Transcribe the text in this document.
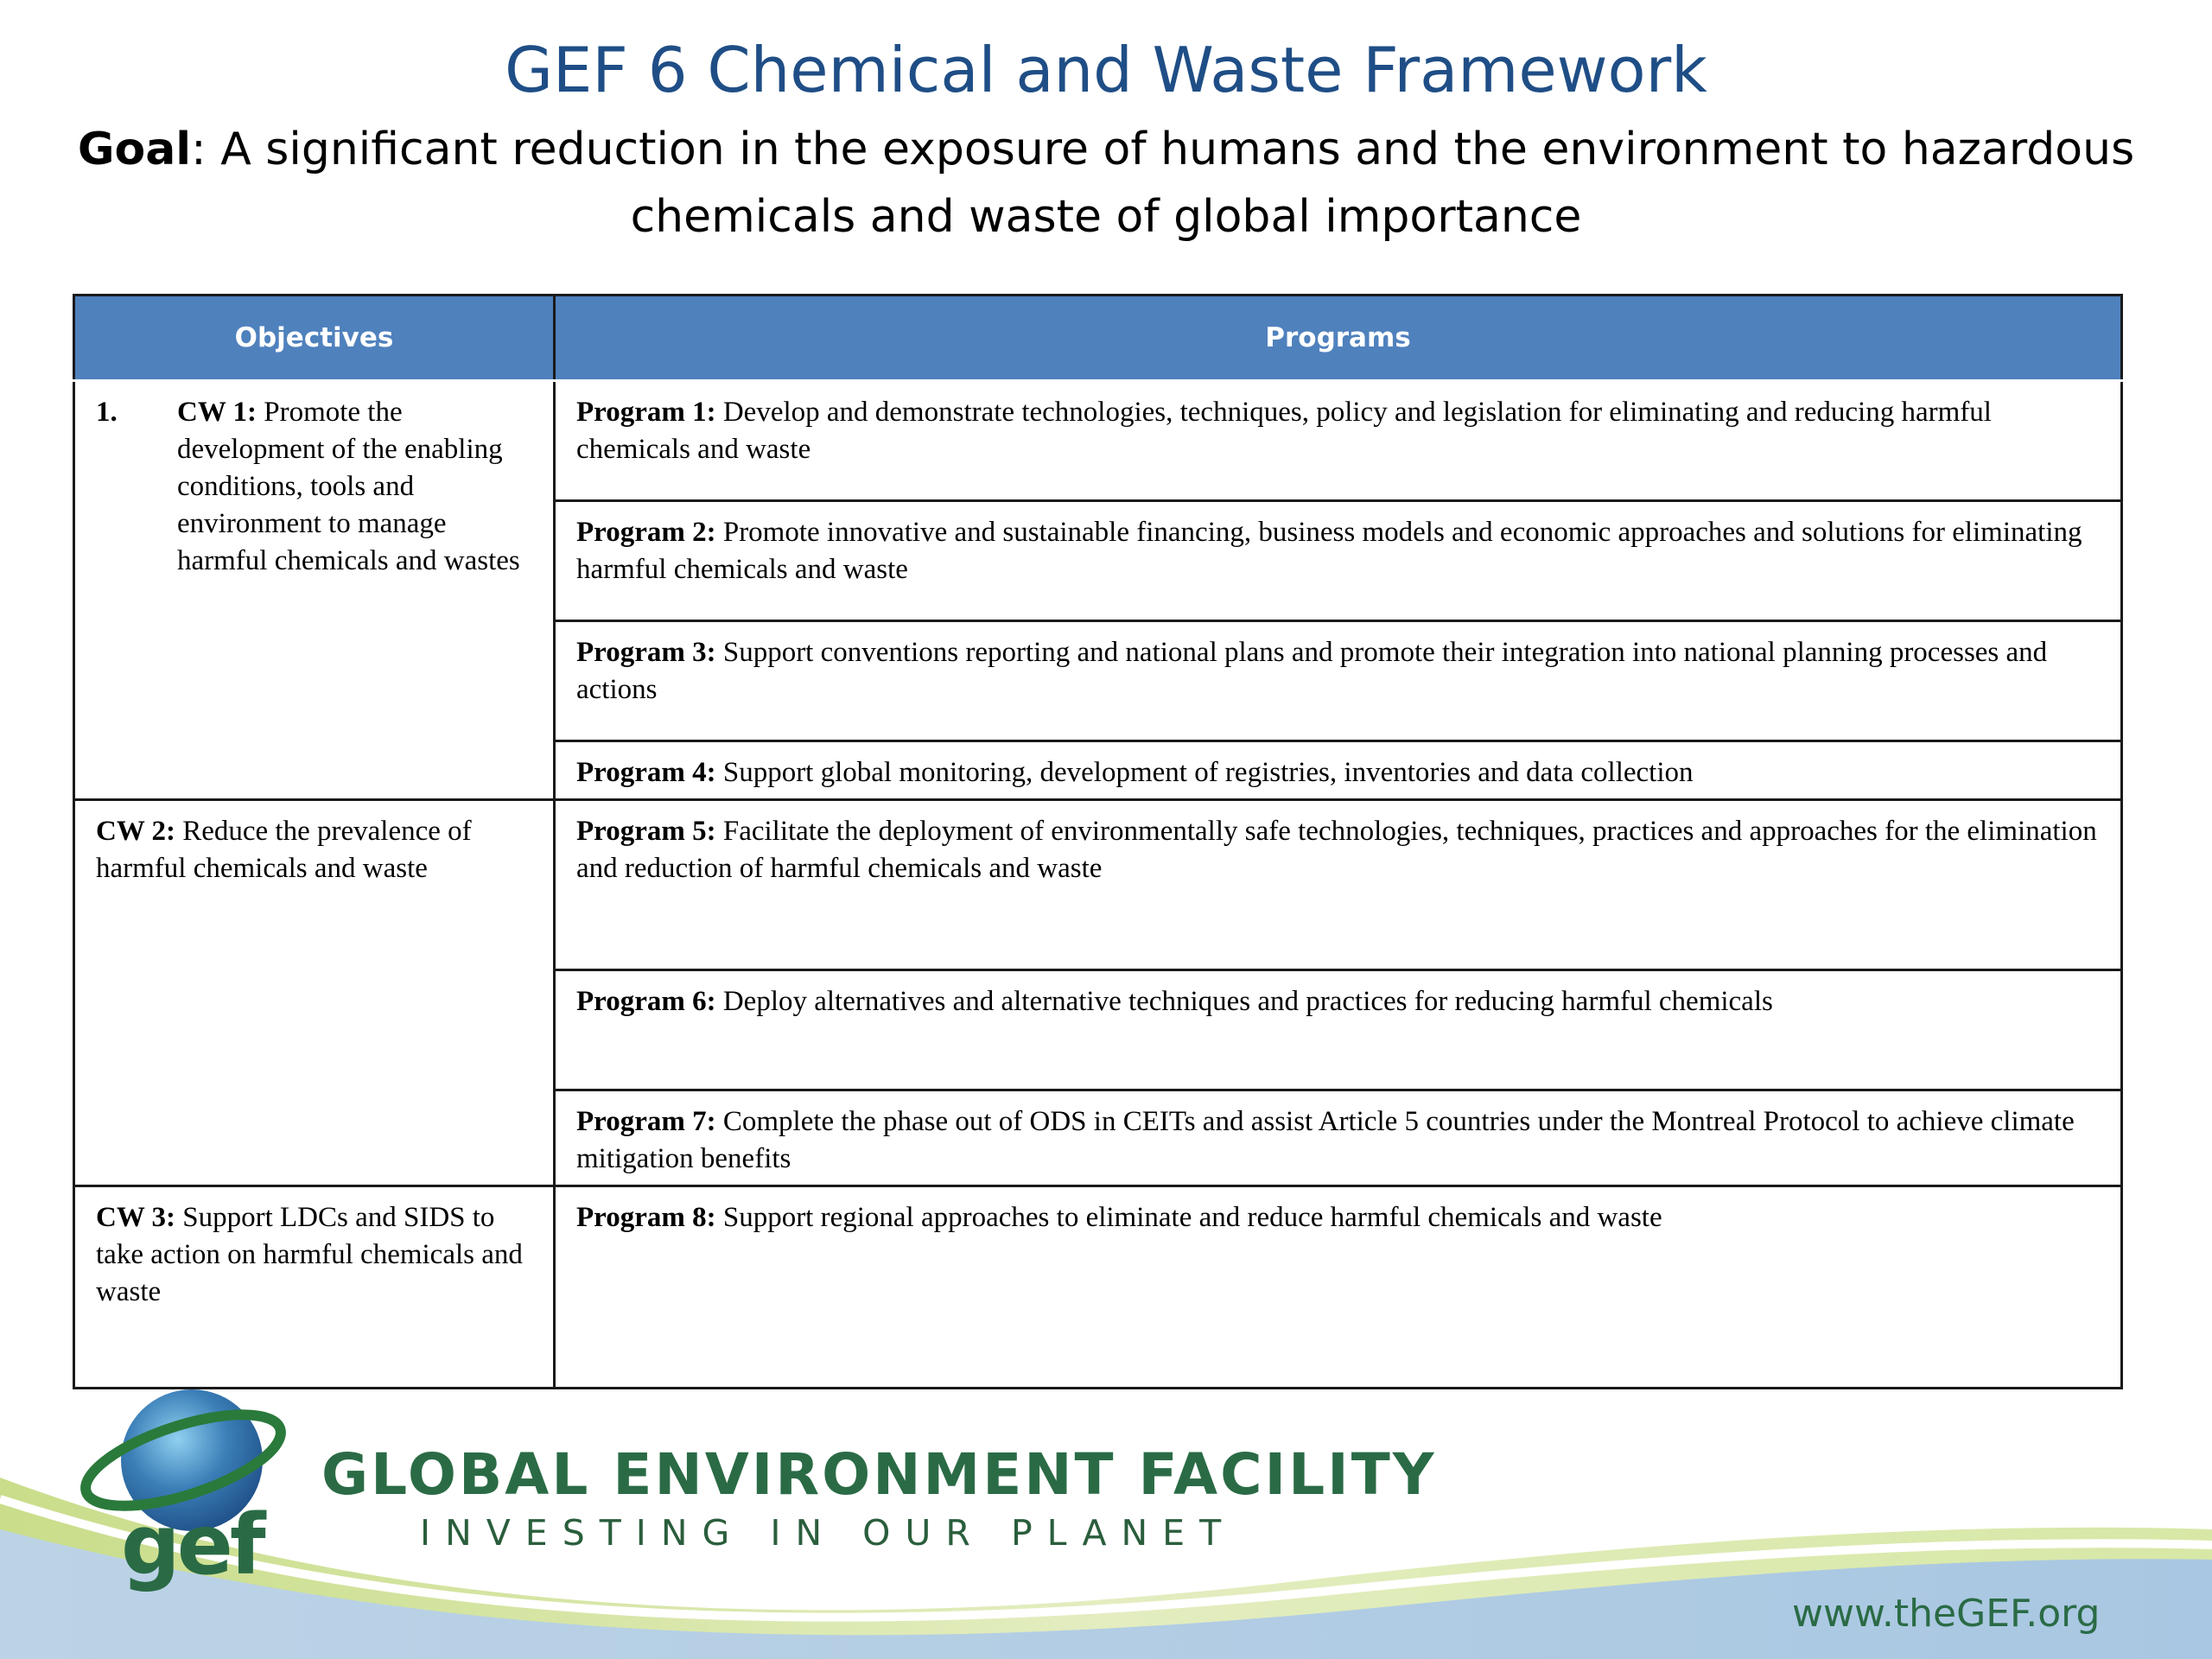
GEF 6 Chemical and Waste Framework
Goal: A significant reduction in the exposure of humans and the environment to hazardous chemicals and waste of global importance
Objectives	Programs

1. CW 1: Promote the development of the enabling conditions, tools and environment to manage harmful chemicals and wastes	Program 1: Develop and demonstrate technologies, techniques, policy and legislation for eliminating and reducing harmful chemicals and waste
	Program 2: Promote innovative and sustainable financing, business models and economic approaches and solutions for eliminating harmful chemicals and waste
	Program 3: Support conventions reporting and national plans and promote their integration into national planning processes and actions
	Program 4: Support global monitoring, development of registries, inventories and data collection
CW 2: Reduce the prevalence of harmful chemicals and waste	Program 5: Facilitate the deployment of environmentally safe technologies, techniques, practices and approaches for the elimination and reduction of harmful chemicals and waste
	Program 6: Deploy alternatives and alternative techniques and practices for reducing harmful chemicals
	Program 7: Complete the phase out of ODS in CEITs and assist Article 5 countries under the Montreal Protocol to achieve climate mitigation benefits
CW 3: Support LDCs and SIDS to take action on harmful chemicals and waste	Program 8: Support regional approaches to eliminate and reduce harmful chemicals and waste
gef
GLOBAL ENVIRONMENT FACILITY
INVESTING IN OUR PLANET
www.theGEF.org
